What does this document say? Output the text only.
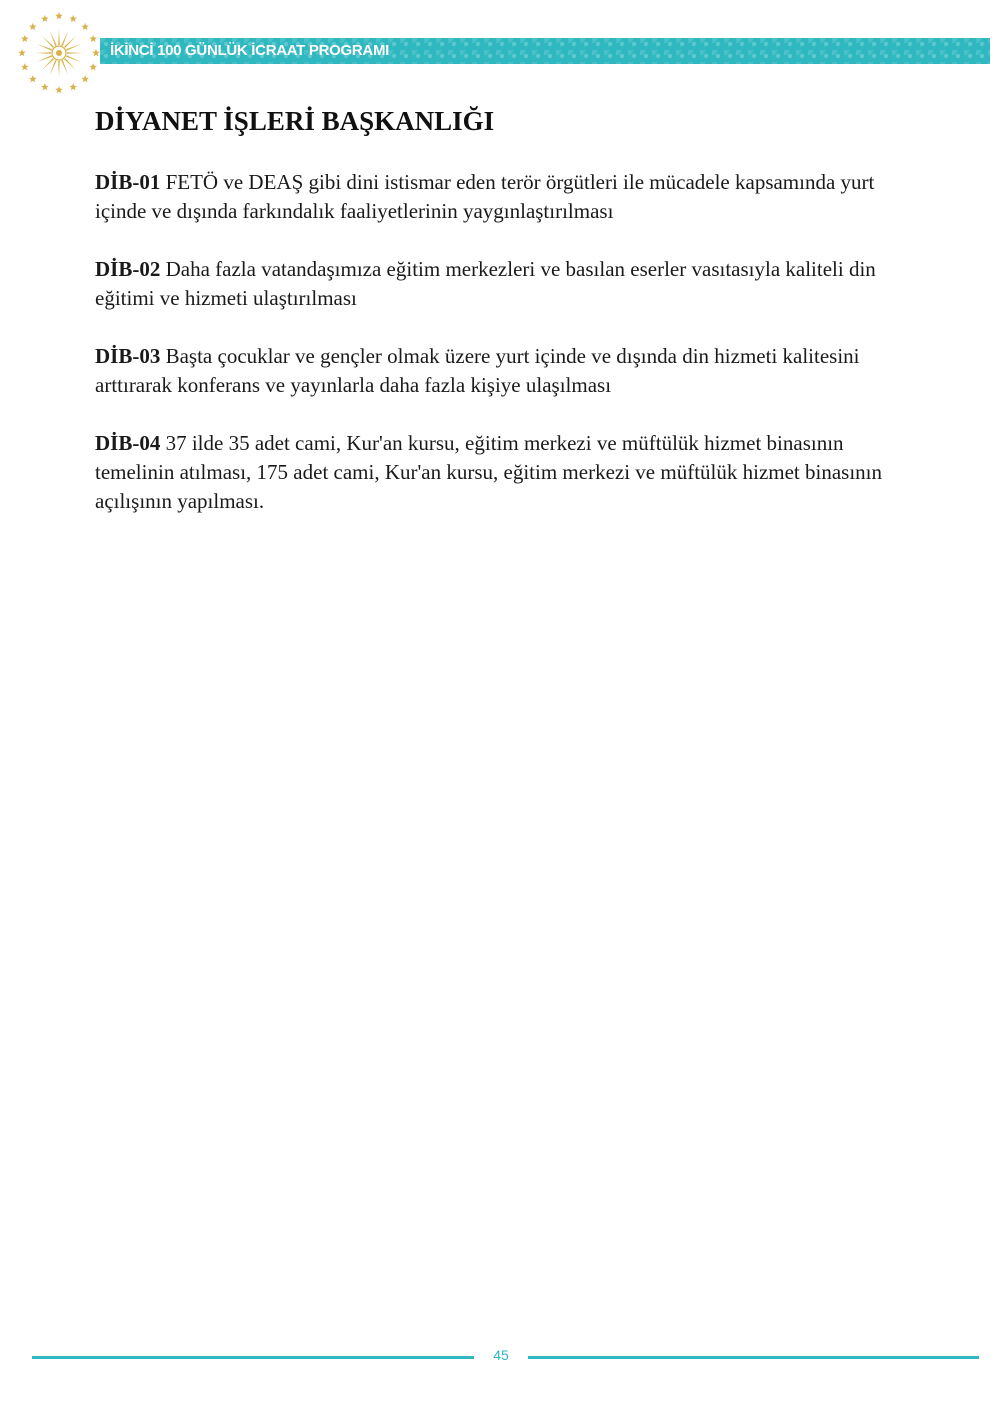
İKİNCİ 100 GÜNLÜK İCRAAT PROGRAMI
DİYANET İŞLERİ BAŞKANLIĞI

DİB-01 FETÖ ve DEAŞ gibi dini istismar eden terör örgütleri ile mücadele kapsamında yurt içinde ve dışında farkındalık faaliyetlerinin yaygınlaştırılması

DİB-02 Daha fazla vatandaşımıza eğitim merkezleri ve basılan eserler vasıtasıyla kaliteli din eğitimi ve hizmeti ulaştırılması

DİB-03 Başta çocuklar ve gençler olmak üzere yurt içinde ve dışında din hizmeti kalitesini arttırarak konferans ve yayınlarla daha fazla kişiye ulaşılması

DİB-04 37 ilde 35 adet cami, Kur'an kursu, eğitim merkezi ve müftülük hizmet binasının temelinin atılması, 175 adet cami, Kur'an kursu, eğitim merkezi ve müftülük hizmet binasının açılışının yapılması.

45
